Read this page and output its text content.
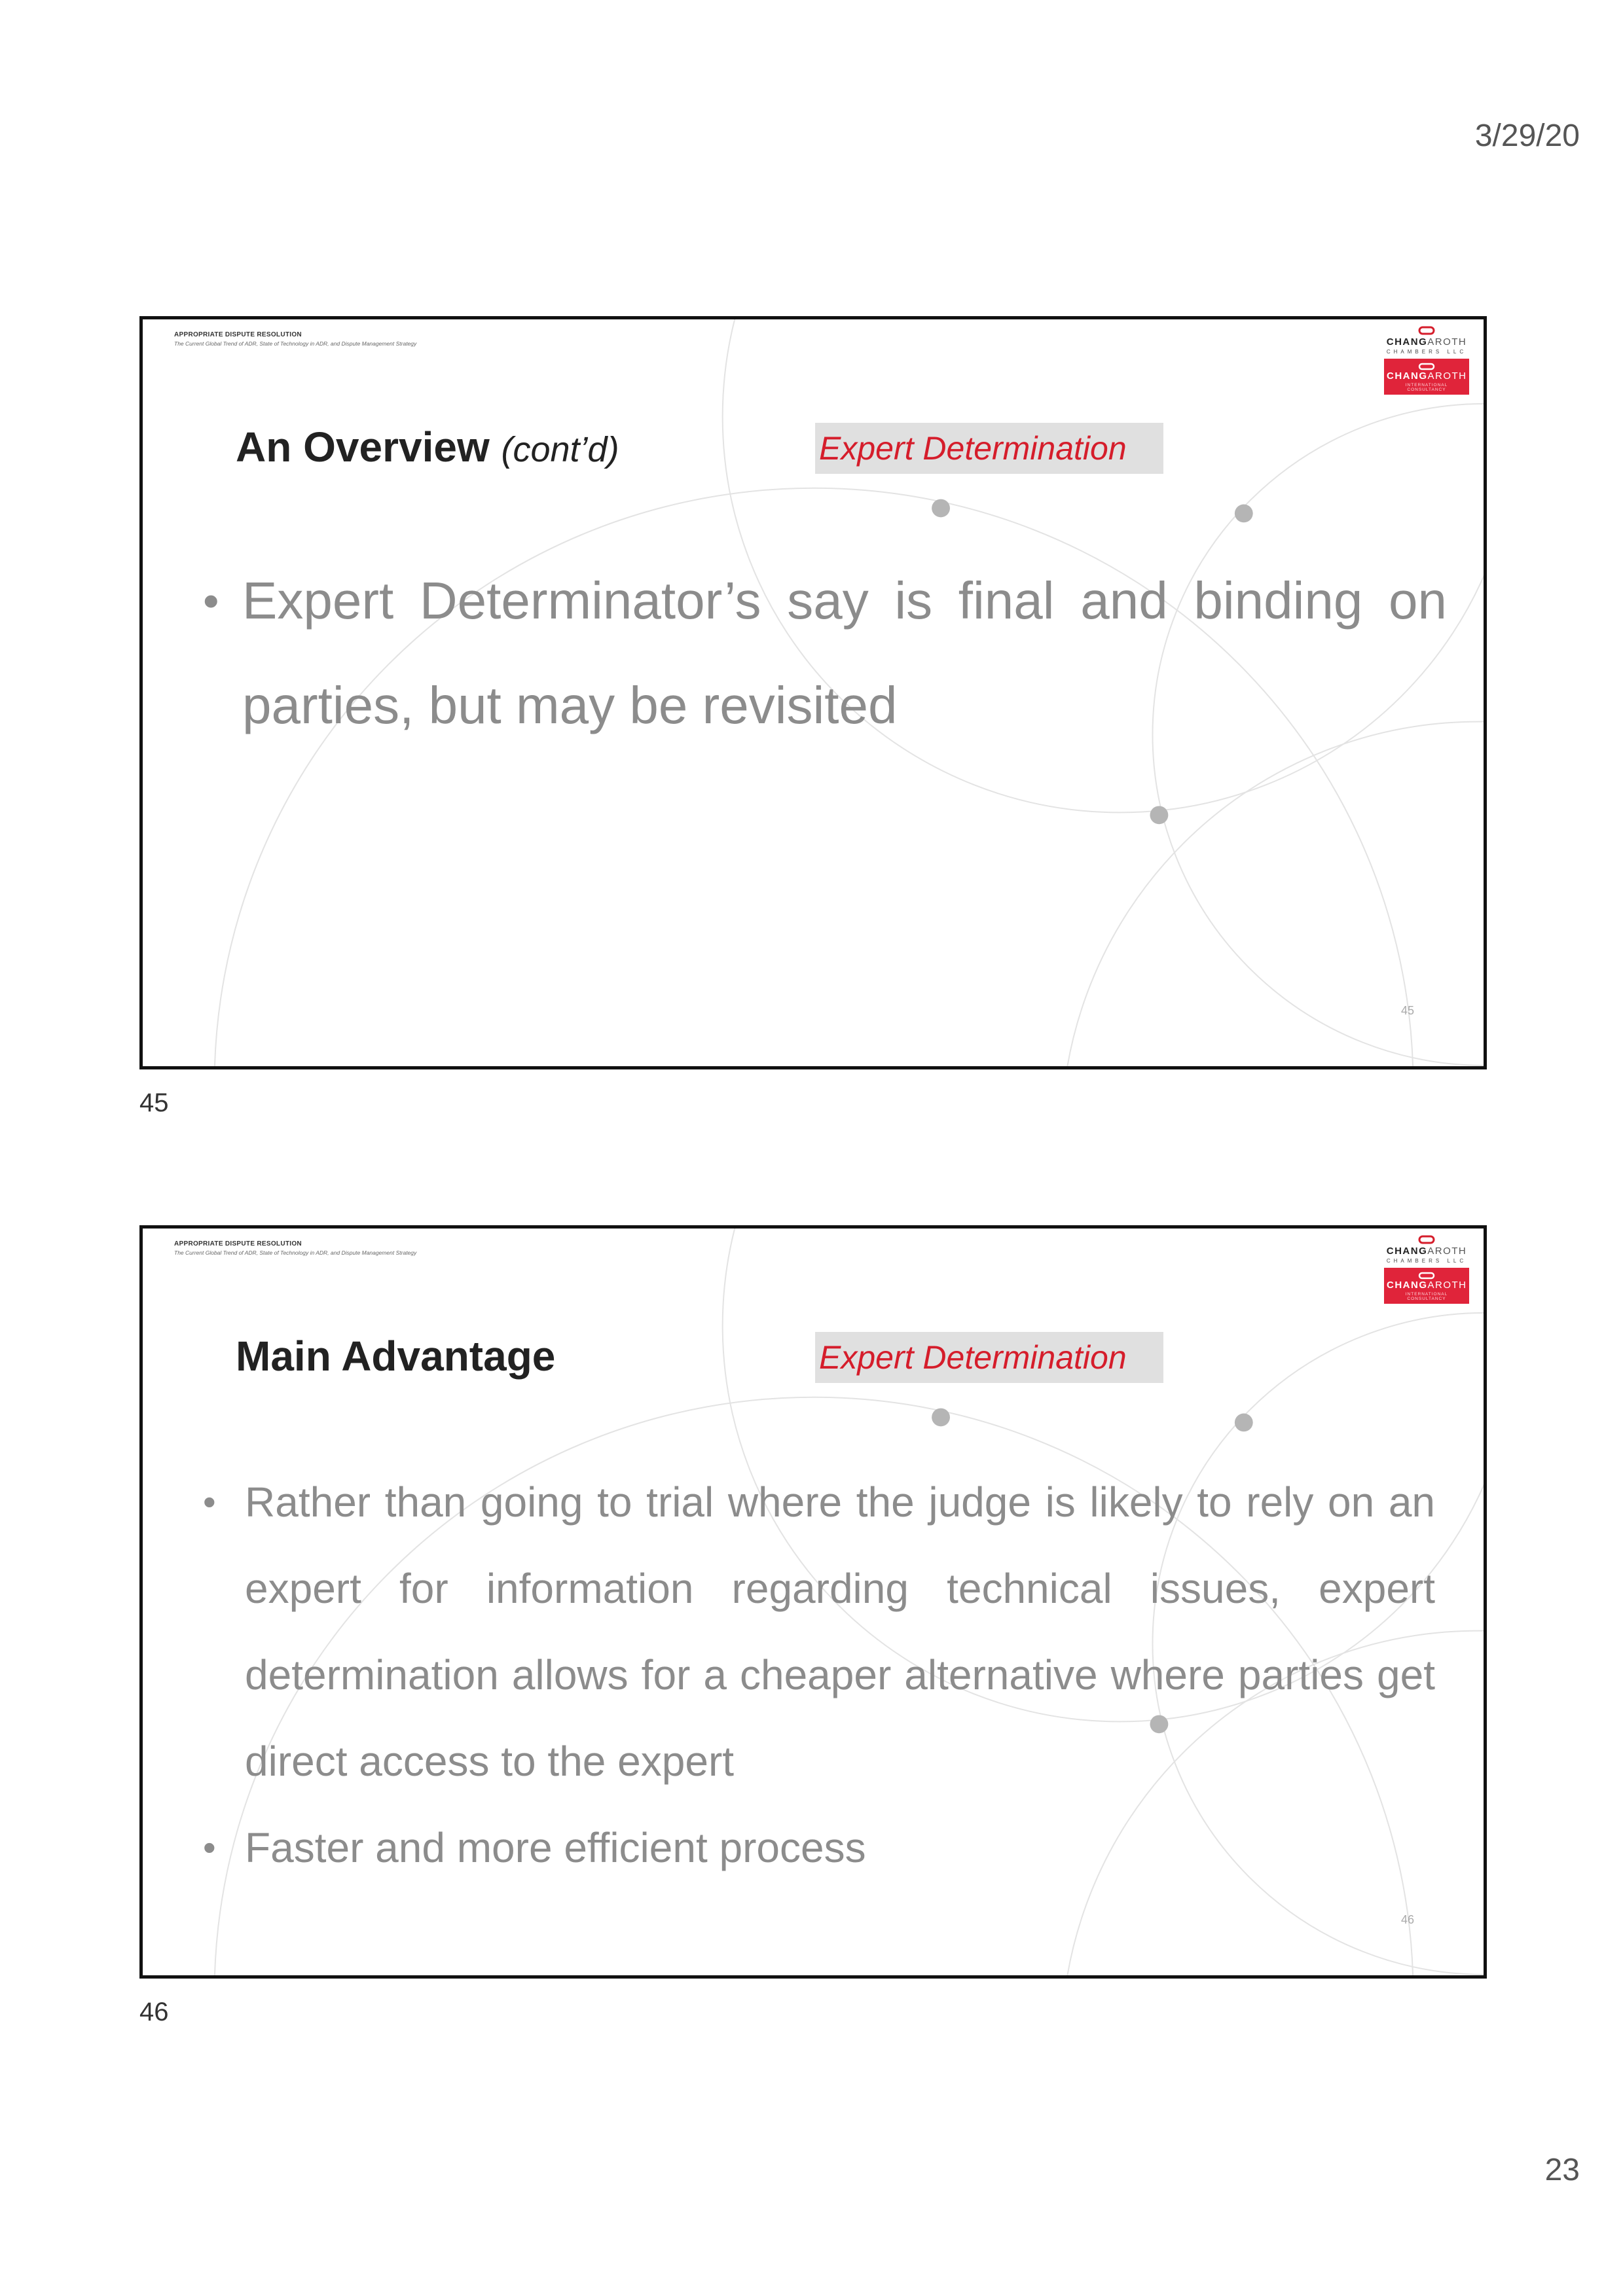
3/29/20
APPROPRIATE DISPUTE RESOLUTION
The Current Global Trend of ADR, State of Technology in ADR, and Dispute Management Strategy	CHANGAROTH
CHAMBERS LLC
CHANGAROTH
INTERNATIONAL CONSULTANCY
An Overview (cont’d)	Expert Determination
• Expert Determinator’s say is final and binding on parties, but may be revisited
45
45
APPROPRIATE DISPUTE RESOLUTION
The Current Global Trend of ADR, State of Technology in ADR, and Dispute Management Strategy	CHANGAROTH
CHAMBERS LLC
CHANGAROTH
INTERNATIONAL CONSULTANCY
Main Advantage	Expert Determination
• Rather than going to trial where the judge is likely to rely on an expert for information regarding technical issues, expert determination allows for a cheaper alternative where parties get direct access to the expert
• Faster and more efficient process
46
46
23
